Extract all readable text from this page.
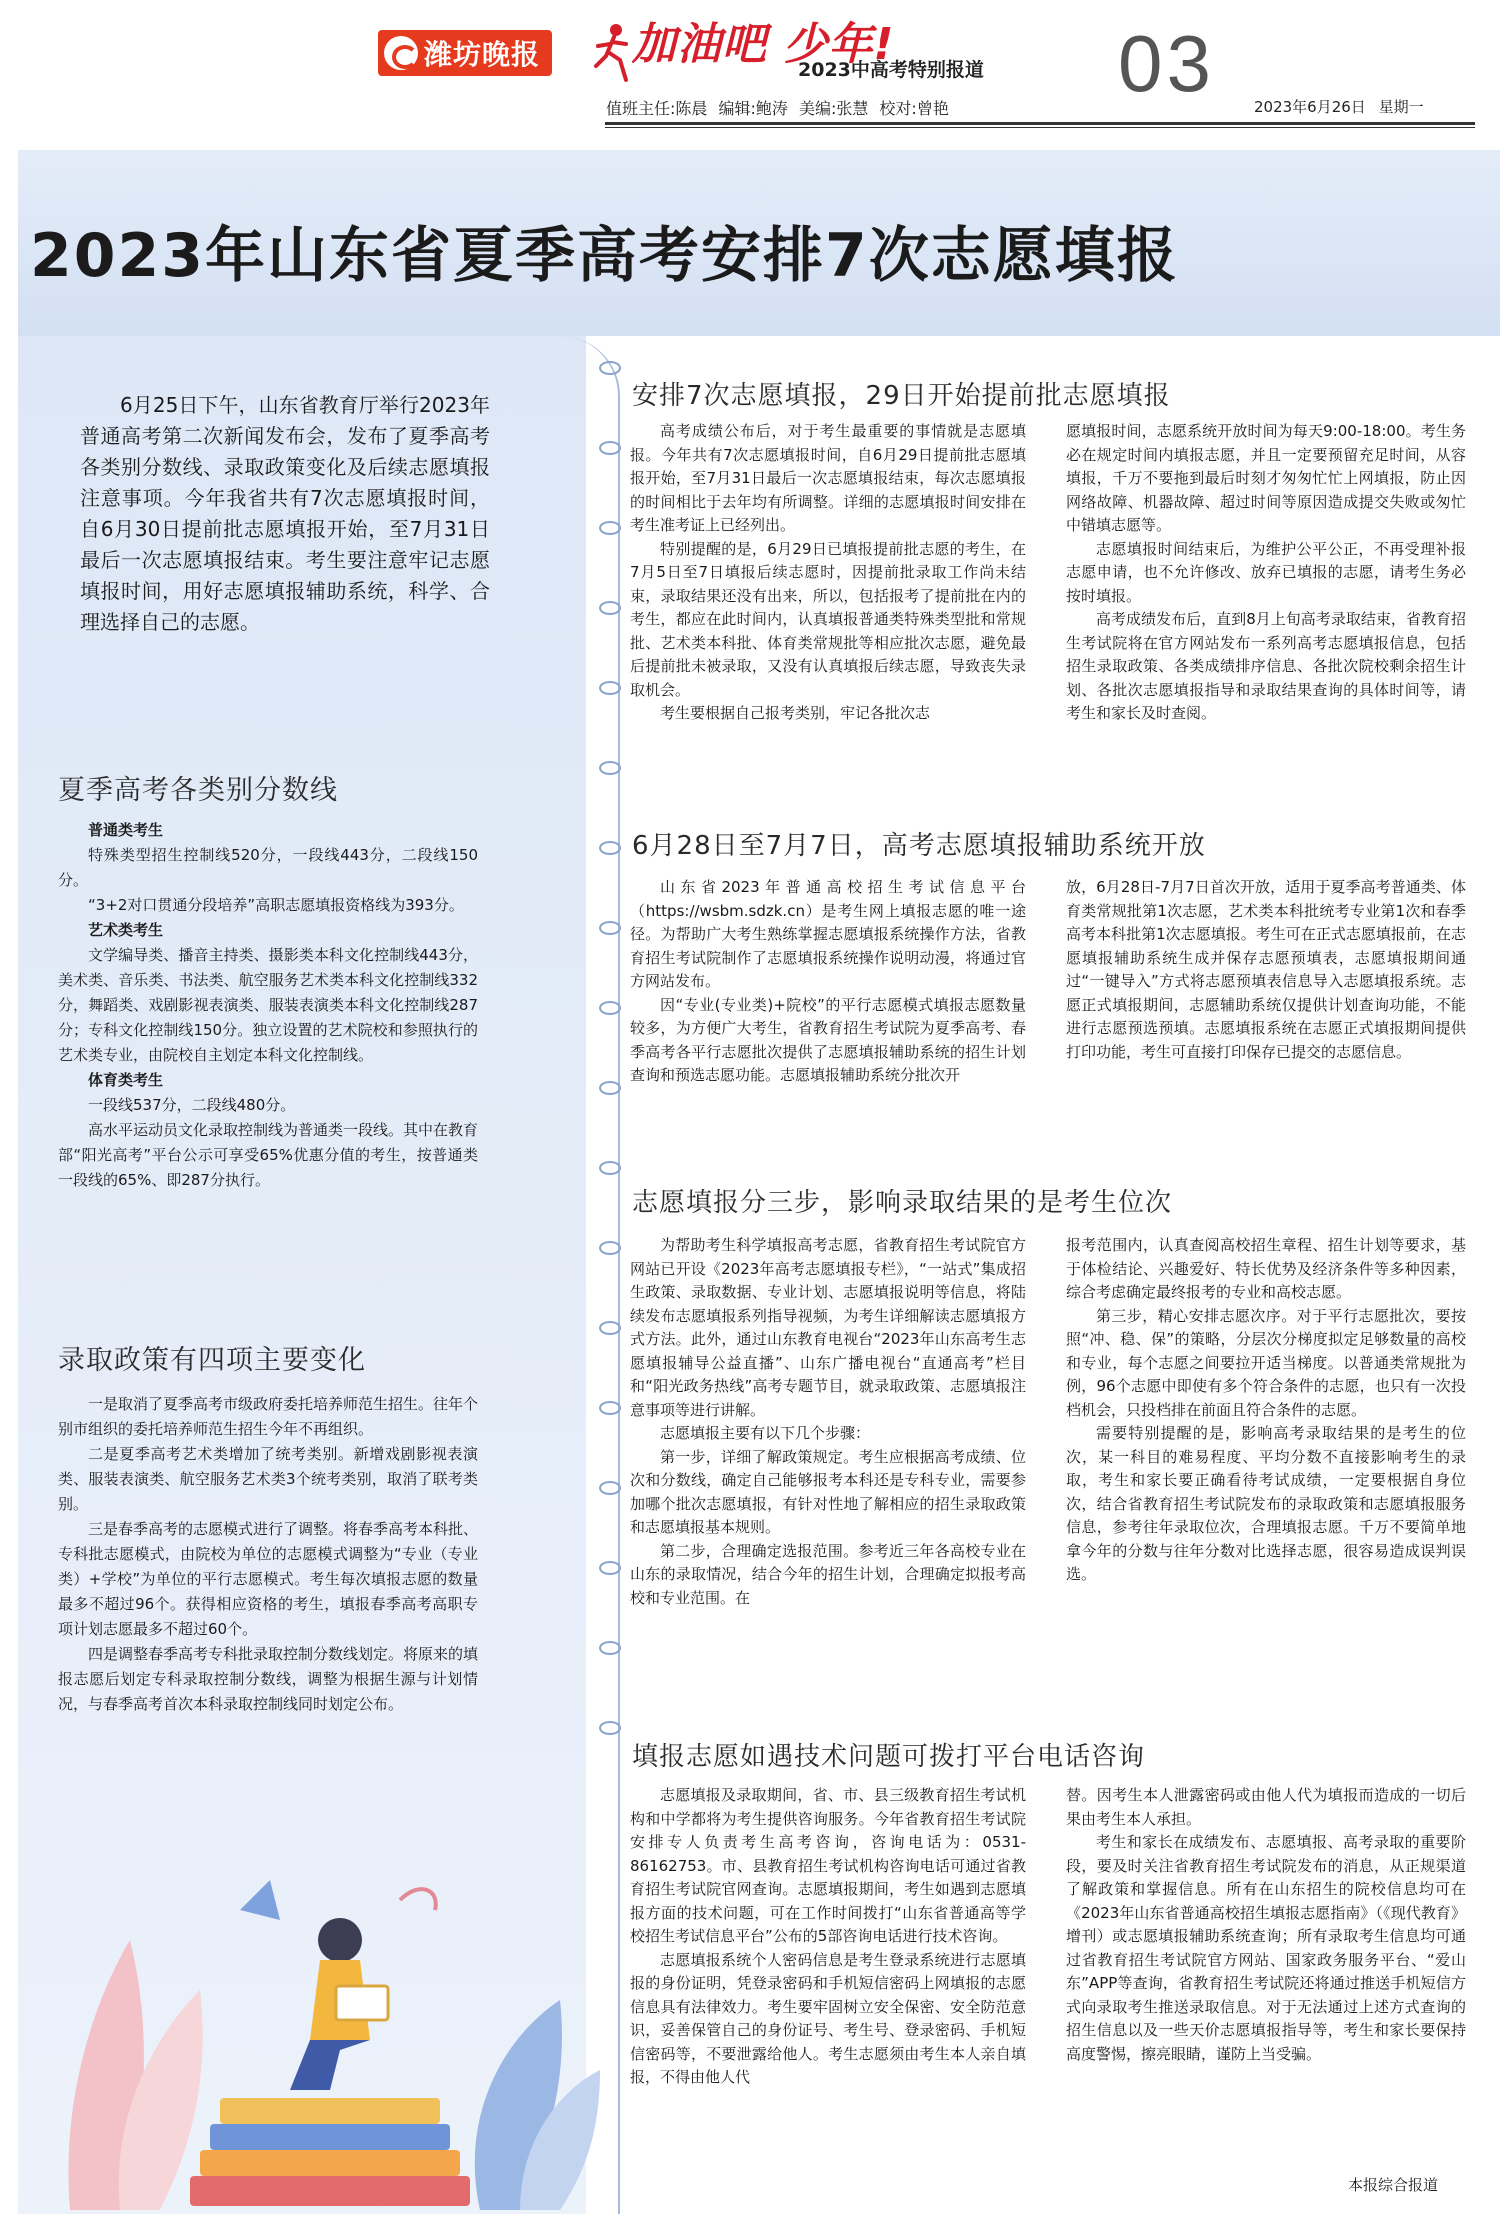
潍坊晚报 加油吧 少年!
2023中高考特别报道 03
值班主任:陈晨 编辑:鲍涛 美编:张慧 校对:曾艳	2023年6月26日 星期一
2023年山东省夏季高考安排7次志愿填报

6月25日下午，山东省教育厅举行2023年普通高考第二次新闻发布会，发布了夏季高考各类别分数线、录取政策变化及后续志愿填报注意事项。今年我省共有7次志愿填报时间，自6月30日提前批志愿填报开始，至7月31日最后一次志愿填报结束。考生要注意牢记志愿填报时间，用好志愿填报辅助系统，科学、合理选择自己的志愿。

夏季高考各类别分数线

普通类考生

特殊类型招生控制线520分，一段线443分，二段线150分。

“3+2对口贯通分段培养”高职志愿填报资格线为393分。

艺术类考生

文学编导类、播音主持类、摄影类本科文化控制线443分，美术类、音乐类、书法类、航空服务艺术类本科文化控制线332分，舞蹈类、戏剧影视表演类、服装表演类本科文化控制线287分；专科文化控制线150分。独立设置的艺术院校和参照执行的艺术类专业，由院校自主划定本科文化控制线。

体育类考生

一段线537分，二段线480分。

高水平运动员文化录取控制线为普通类一段线。其中在教育部“阳光高考”平台公示可享受65%优惠分值的考生，按普通类一段线的65%、即287分执行。

录取政策有四项主要变化

一是取消了夏季高考市级政府委托培养师范生招生。往年个别市组织的委托培养师范生招生今年不再组织。

二是夏季高考艺术类增加了统考类别。新增戏剧影视表演类、服装表演类、航空服务艺术类3个统考类别，取消了联考类别。

三是春季高考的志愿模式进行了调整。将春季高考本科批、专科批志愿模式，由院校为单位的志愿模式调整为“专业（专业类）+学校”为单位的平行志愿模式。考生每次填报志愿的数量最多不超过96个。获得相应资格的考生，填报春季高考高职专项计划志愿最多不超过60个。

四是调整春季高考专科批录取控制分数线划定。将原来的填报志愿后划定专科录取控制分数线，调整为根据生源与计划情况，与春季高考首次本科录取控制线同时划定公布。

安排7次志愿填报，29日开始提前批志愿填报

高考成绩公布后，对于考生最重要的事情就是志愿填报。今年共有7次志愿填报时间，自6月29日提前批志愿填报开始，至7月31日最后一次志愿填报结束，每次志愿填报的时间相比于去年均有所调整。详细的志愿填报时间安排在考生准考证上已经列出。

特别提醒的是，6月29日已填报提前批志愿的考生，在7月5日至7日填报后续志愿时，因提前批录取工作尚未结束，录取结果还没有出来，所以，包括报考了提前批在内的考生，都应在此时间内，认真填报普通类特殊类型批和常规批、艺术类本科批、体育类常规批等相应批次志愿，避免最后提前批未被录取，又没有认真填报后续志愿，导致丧失录取机会。

考生要根据自己报考类别，牢记各批次志

愿填报时间，志愿系统开放时间为每天9:00-18:00。考生务必在规定时间内填报志愿，并且一定要预留充足时间，从容填报，千万不要拖到最后时刻才匆匆忙忙上网填报，防止因网络故障、机器故障、超过时间等原因造成提交失败或匆忙中错填志愿等。

志愿填报时间结束后，为维护公平公正，不再受理补报志愿申请，也不允许修改、放弃已填报的志愿，请考生务必按时填报。

高考成绩发布后，直到8月上旬高考录取结束，省教育招生考试院将在官方网站发布一系列高考志愿填报信息，包括招生录取政策、各类成绩排序信息、各批次院校剩余招生计划、各批次志愿填报指导和录取结果查询的具体时间等，请考生和家长及时查阅。

6月28日至7月7日，高考志愿填报辅助系统开放

山东省2023年普通高校招生考试信息平台（https://wsbm.sdzk.cn）是考生网上填报志愿的唯一途径。为帮助广大考生熟练掌握志愿填报系统操作方法，省教育招生考试院制作了志愿填报系统操作说明动漫，将通过官方网站发布。

因“专业(专业类)+院校”的平行志愿模式填报志愿数量较多，为方便广大考生，省教育招生考试院为夏季高考、春季高考各平行志愿批次提供了志愿填报辅助系统的招生计划查询和预选志愿功能。志愿填报辅助系统分批次开

放，6月28日-7月7日首次开放，适用于夏季高考普通类、体育类常规批第1次志愿，艺术类本科批统考专业第1次和春季高考本科批第1次志愿填报。考生可在正式志愿填报前，在志愿填报辅助系统生成并保存志愿预填表，志愿填报期间通过“一键导入”方式将志愿预填表信息导入志愿填报系统。志愿正式填报期间，志愿辅助系统仅提供计划查询功能，不能进行志愿预选预填。志愿填报系统在志愿正式填报期间提供打印功能，考生可直接打印保存已提交的志愿信息。

志愿填报分三步，影响录取结果的是考生位次

为帮助考生科学填报高考志愿，省教育招生考试院官方网站已开设《2023年高考志愿填报专栏》，“一站式”集成招生政策、录取数据、专业计划、志愿填报说明等信息，将陆续发布志愿填报系列指导视频，为考生详细解读志愿填报方式方法。此外，通过山东教育电视台“2023年山东高考生志愿填报辅导公益直播”、山东广播电视台“直通高考”栏目和“阳光政务热线”高考专题节目，就录取政策、志愿填报注意事项等进行讲解。

志愿填报主要有以下几个步骤：

第一步，详细了解政策规定。考生应根据高考成绩、位次和分数线，确定自己能够报考本科还是专科专业，需要参加哪个批次志愿填报，有针对性地了解相应的招生录取政策和志愿填报基本规则。

第二步，合理确定选报范围。参考近三年各高校专业在山东的录取情况，结合今年的招生计划，合理确定拟报考高校和专业范围。在

报考范围内，认真查阅高校招生章程、招生计划等要求，基于体检结论、兴趣爱好、特长优势及经济条件等多种因素，综合考虑确定最终报考的专业和高校志愿。

第三步，精心安排志愿次序。对于平行志愿批次，要按照“冲、稳、保”的策略，分层次分梯度拟定足够数量的高校和专业，每个志愿之间要拉开适当梯度。以普通类常规批为例，96个志愿中即使有多个符合条件的志愿，也只有一次投档机会，只投档排在前面且符合条件的志愿。

需要特别提醒的是，影响高考录取结果的是考生的位次，某一科目的难易程度、平均分数不直接影响考生的录取，考生和家长要正确看待考试成绩，一定要根据自身位次，结合省教育招生考试院发布的录取政策和志愿填报服务信息，参考往年录取位次，合理填报志愿。千万不要简单地拿今年的分数与往年分数对比选择志愿，很容易造成误判误选。

填报志愿如遇技术问题可拨打平台电话咨询

志愿填报及录取期间，省、市、县三级教育招生考试机构和中学都将为考生提供咨询服务。今年省教育招生考试院安排专人负责考生高考咨询，咨询电话为：0531-86162753。市、县教育招生考试机构咨询电话可通过省教育招生考试院官网查询。志愿填报期间，考生如遇到志愿填报方面的技术问题，可在工作时间拨打“山东省普通高等学校招生考试信息平台”公布的5部咨询电话进行技术咨询。

志愿填报系统个人密码信息是考生登录系统进行志愿填报的身份证明，凭登录密码和手机短信密码上网填报的志愿信息具有法律效力。考生要牢固树立安全保密、安全防范意识，妥善保管自己的身份证号、考生号、登录密码、手机短信密码等，不要泄露给他人。考生志愿须由考生本人亲自填报，不得由他人代

替。因考生本人泄露密码或由他人代为填报而造成的一切后果由考生本人承担。

考生和家长在成绩发布、志愿填报、高考录取的重要阶段，要及时关注省教育招生考试院发布的消息，从正规渠道了解政策和掌握信息。所有在山东招生的院校信息均可在《2023年山东省普通高校招生填报志愿指南》（《现代教育》增刊）或志愿填报辅助系统查询；所有录取考生信息均可通过省教育招生考试院官方网站、国家政务服务平台、“爱山东”APP等查询，省教育招生考试院还将通过推送手机短信方式向录取考生推送录取信息。对于无法通过上述方式查询的招生信息以及一些天价志愿填报指导等，考生和家长要保持高度警惕，擦亮眼睛，谨防上当受骗。

本报综合报道
